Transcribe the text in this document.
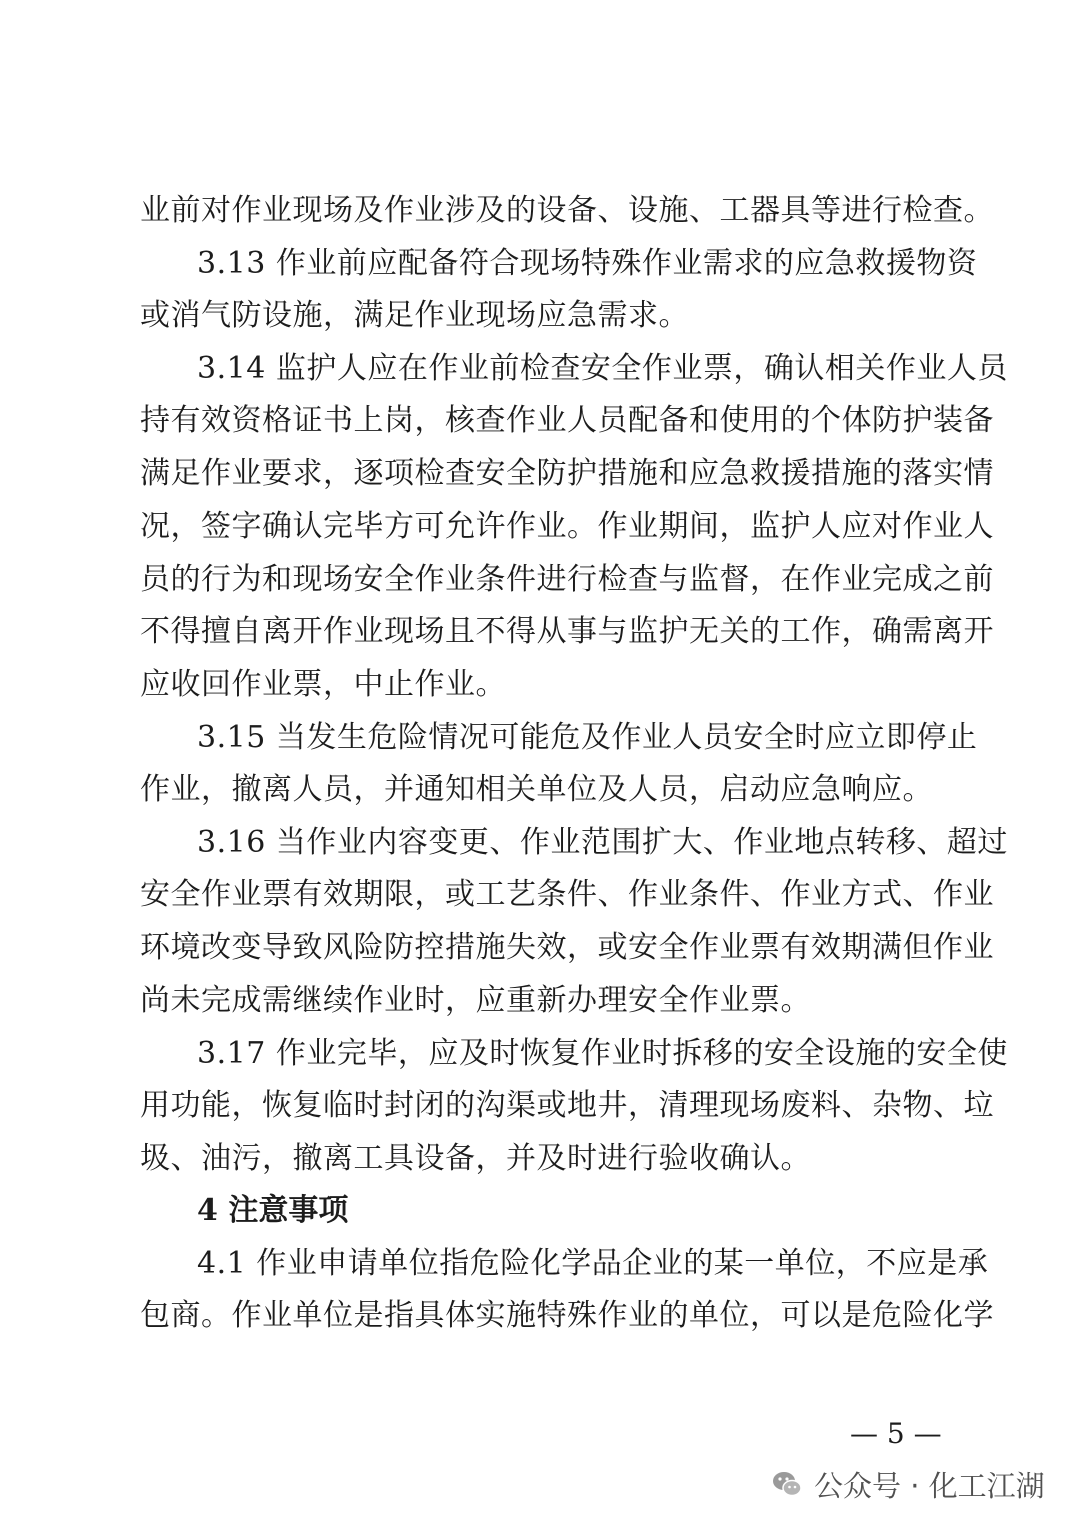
业前对作业现场及作业涉及的设备、设施、工器具等进行检查。
3.13 作业前应配备符合现场特殊作业需求的应急救援物资
或消气防设施，满足作业现场应急需求。
3.14 监护人应在作业前检查安全作业票，确认相关作业人员
持有效资格证书上岗，核查作业人员配备和使用的个体防护装备
满足作业要求，逐项检查安全防护措施和应急救援措施的落实情
况，签字确认完毕方可允许作业。作业期间，监护人应对作业人
员的行为和现场安全作业条件进行检查与监督，在作业完成之前
不得擅自离开作业现场且不得从事与监护无关的工作，确需离开
应收回作业票，中止作业。
3.15 当发生危险情况可能危及作业人员安全时应立即停止
作业，撤离人员，并通知相关单位及人员，启动应急响应。
3.16 当作业内容变更、作业范围扩大、作业地点转移、超过
安全作业票有效期限，或工艺条件、作业条件、作业方式、作业
环境改变导致风险防控措施失效，或安全作业票有效期满但作业
尚未完成需继续作业时，应重新办理安全作业票。
3.17 作业完毕，应及时恢复作业时拆移的安全设施的安全使
用功能，恢复临时封闭的沟渠或地井，清理现场废料、杂物、垃
圾、油污，撤离工具设备，并及时进行验收确认。
4 注意事项
4.1 作业申请单位指危险化学品企业的某一单位，不应是承
包商。作业单位是指具体实施特殊作业的单位，可以是危险化学
— 5 —
公众号 · 化工江湖
